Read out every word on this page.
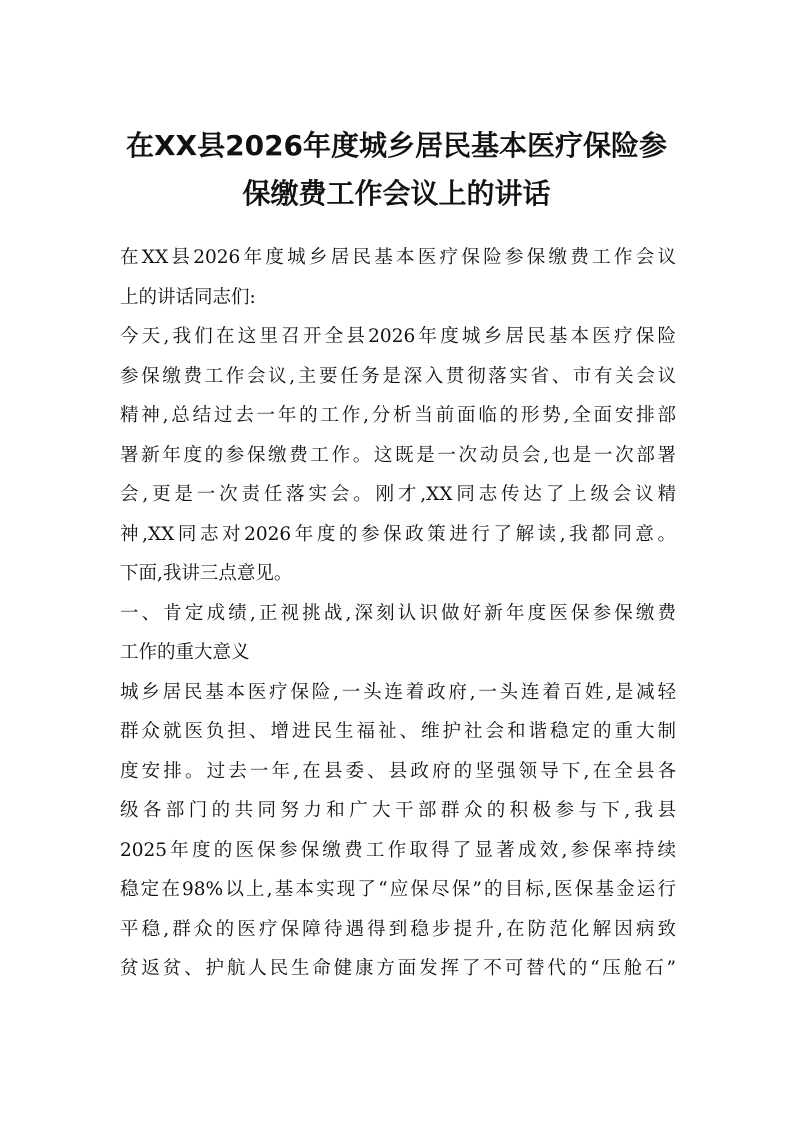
在XX县2026年度城乡居民基本医疗保险参
保缴费工作会议上的讲话
在XX县2026年度城乡居民基本医疗保险参保缴费工作会议
上的讲话同志们:
今天,我们在这里召开全县2026年度城乡居民基本医疗保险
参保缴费工作会议,主要任务是深入贯彻落实省、市有关会议
精神,总结过去一年的工作,分析当前面临的形势,全面安排部
署新年度的参保缴费工作。这既是一次动员会,也是一次部署
会,更是一次责任落实会。刚才,XX同志传达了上级会议精
神,XX同志对2026年度的参保政策进行了解读,我都同意。
下面,我讲三点意见。
一、肯定成绩,正视挑战,深刻认识做好新年度医保参保缴费
工作的重大意义
城乡居民基本医疗保险,一头连着政府,一头连着百姓,是减轻
群众就医负担、增进民生福祉、维护社会和谐稳定的重大制
度安排。过去一年,在县委、县政府的坚强领导下,在全县各
级各部门的共同努力和广大干部群众的积极参与下,我县
2025年度的医保参保缴费工作取得了显著成效,参保率持续
稳定在98%以上,基本实现了“应保尽保”的目标,医保基金运行
平稳,群众的医疗保障待遇得到稳步提升,在防范化解因病致
贫返贫、护航人民生命健康方面发挥了不可替代的“压舱石”
